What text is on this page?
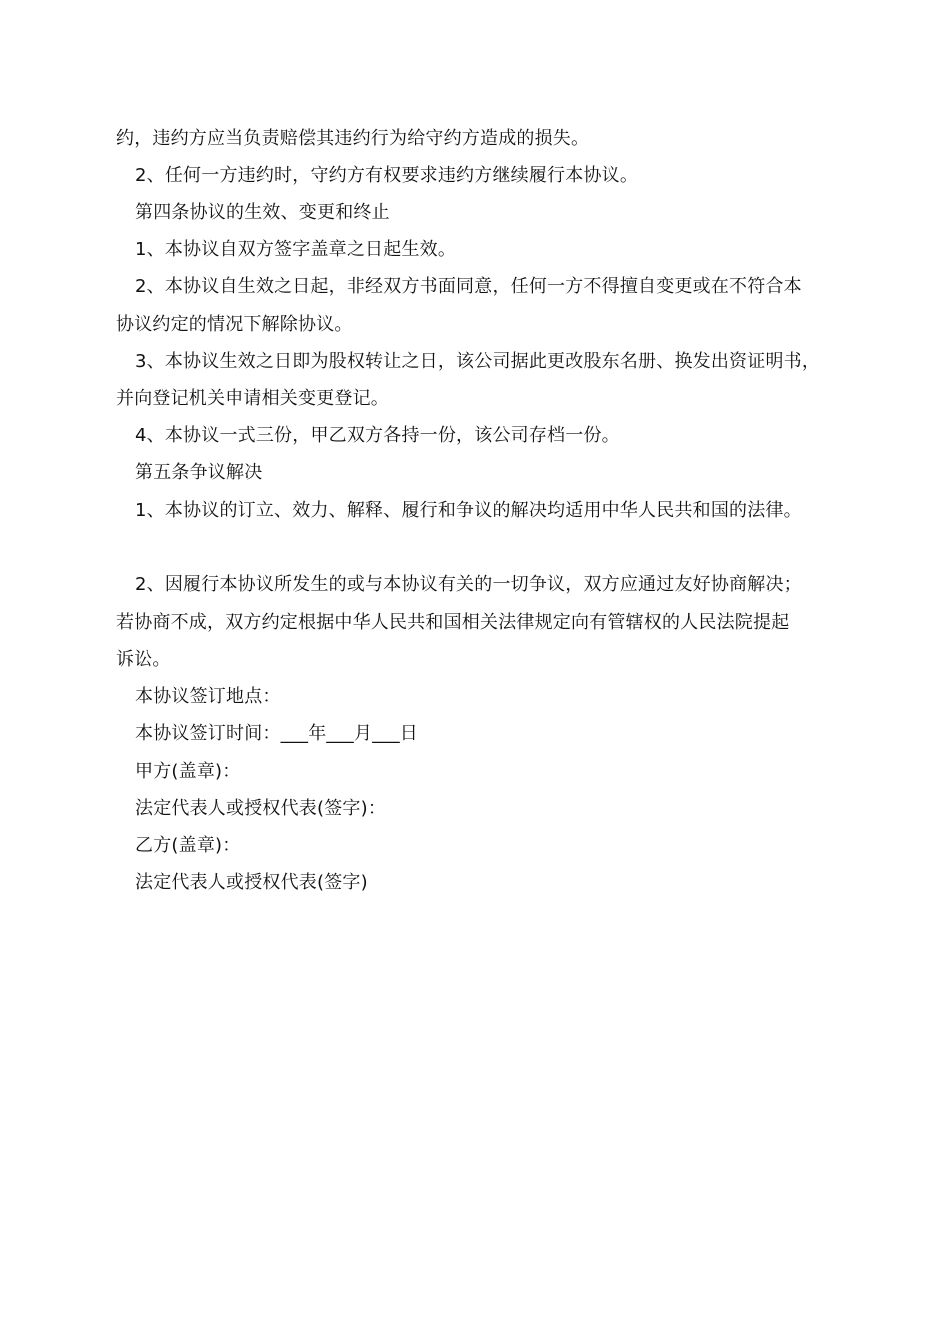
约，违约方应当负责赔偿其违约行为给守约方造成的损失。
2、任何一方违约时，守约方有权要求违约方继续履行本协议。
第四条协议的生效、变更和终止
1、本协议自双方签字盖章之日起生效。
2、本协议自生效之日起，非经双方书面同意，任何一方不得擅自变更或在不符合本
协议约定的情况下解除协议。
3、本协议生效之日即为股权转让之日，该公司据此更改股东名册、换发出资证明书，
并向登记机关申请相关变更登记。
4、本协议一式三份，甲乙双方各持一份，该公司存档一份。
第五条争议解决
1、本协议的订立、效力、解释、履行和争议的解决均适用中华人民共和国的法律。
2、因履行本协议所发生的或与本协议有关的一切争议，双方应通过友好协商解决；
若协商不成，双方约定根据中华人民共和国相关法律规定向有管辖权的人民法院提起
诉讼。
本协议签订地点：
本协议签订时间：___年___月___日
甲方(盖章)：
法定代表人或授权代表(签字)：
乙方(盖章)：
法定代表人或授权代表(签字)
